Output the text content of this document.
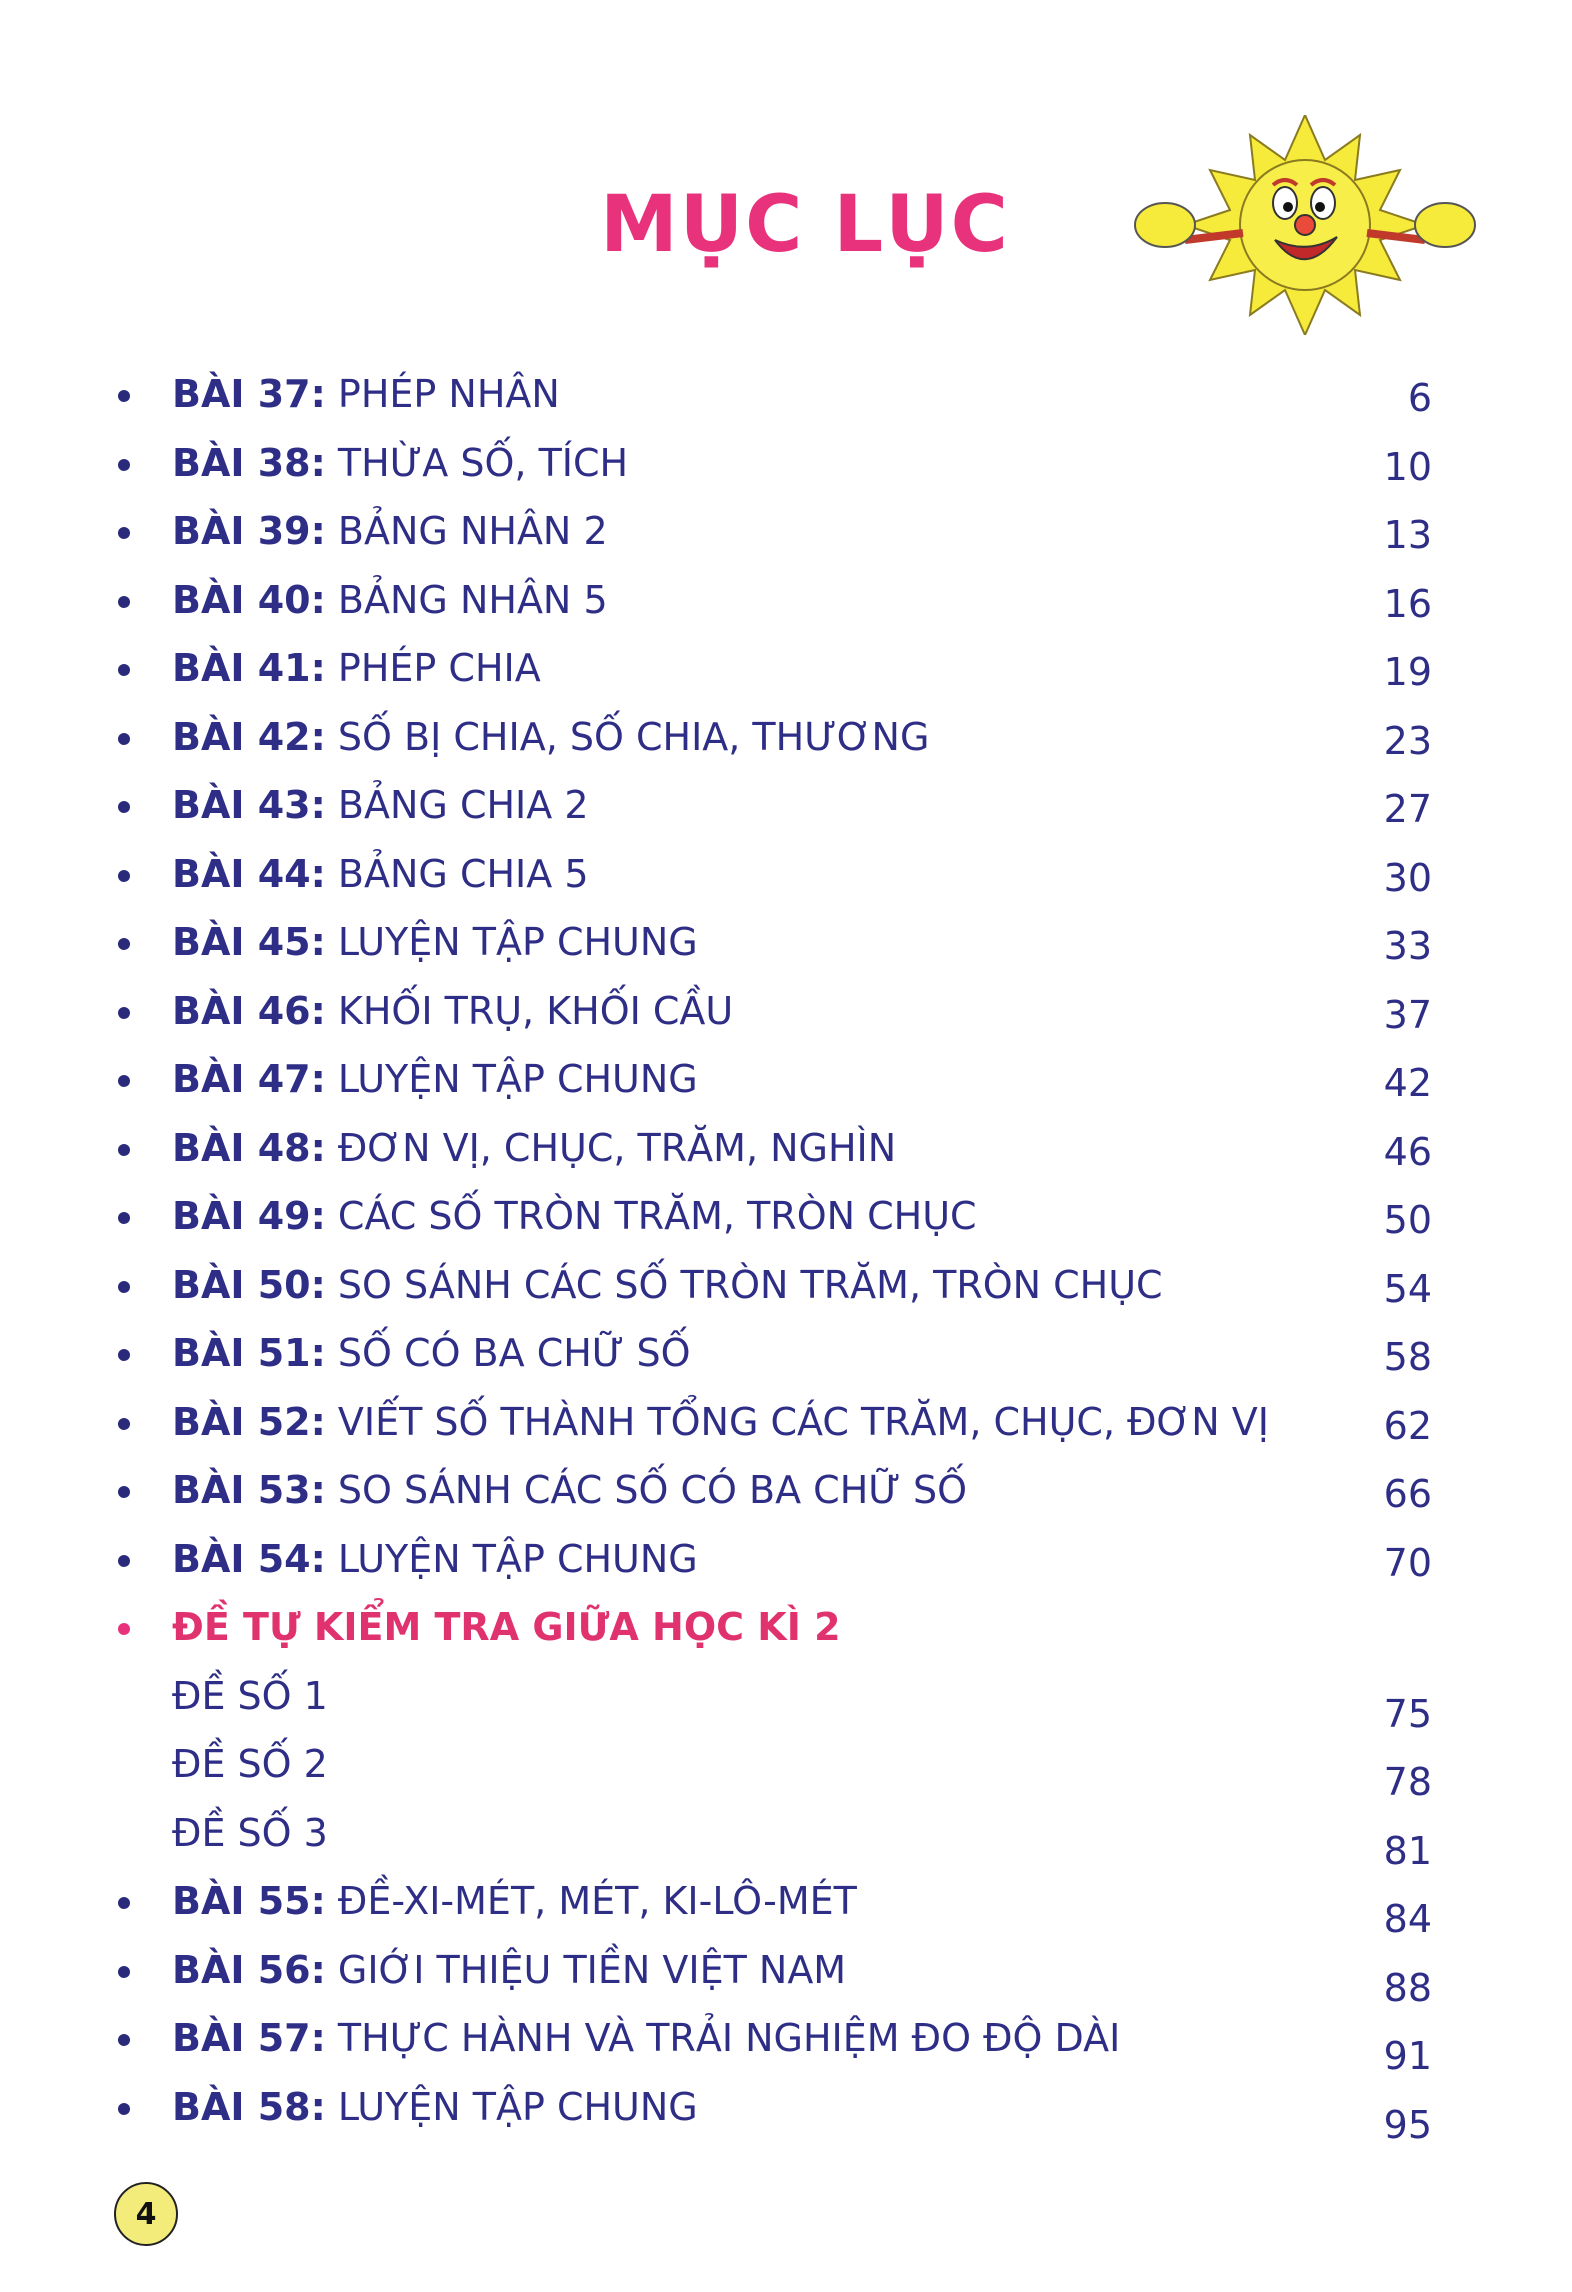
MỤC LỤC
BÀI 37: PHÉP NHÂN	6
BÀI 38: THỪA SỐ, TÍCH	10
BÀI 39: BẢNG NHÂN 2	13
BÀI 40: BẢNG NHÂN 5	16
BÀI 41: PHÉP CHIA	19
BÀI 42: SỐ BỊ CHIA, SỐ CHIA, THƯƠNG	23
BÀI 43: BẢNG CHIA 2	27
BÀI 44: BẢNG CHIA 5	30
BÀI 45: LUYỆN TẬP CHUNG	33
BÀI 46: KHỐI TRỤ, KHỐI CẦU	37
BÀI 47: LUYỆN TẬP CHUNG	42
BÀI 48: ĐƠN VỊ, CHỤC, TRĂM, NGHÌN	46
BÀI 49: CÁC SỐ TRÒN TRĂM, TRÒN CHỤC	50
BÀI 50: SO SÁNH CÁC SỐ TRÒN TRĂM, TRÒN CHỤC	54
BÀI 51: SỐ CÓ BA CHỮ SỐ	58
BÀI 52: VIẾT SỐ THÀNH TỔNG CÁC TRĂM, CHỤC, ĐƠN VỊ	62
BÀI 53: SO SÁNH CÁC SỐ CÓ BA CHỮ SỐ	66
BÀI 54: LUYỆN TẬP CHUNG	70
ĐỀ TỰ KIỂM TRA GIỮA HỌC KÌ 2
ĐỀ SỐ 1	75
ĐỀ SỐ 2	78
ĐỀ SỐ 3	81
BÀI 55: ĐỀ-XI-MÉT, MÉT, KI-LÔ-MÉT	84
BÀI 56: GIỚI THIỆU TIỀN VIỆT NAM	88
BÀI 57: THỰC HÀNH VÀ TRẢI NGHIỆM ĐO ĐỘ DÀI	91
BÀI 58: LUYỆN TẬP CHUNG	95
4
